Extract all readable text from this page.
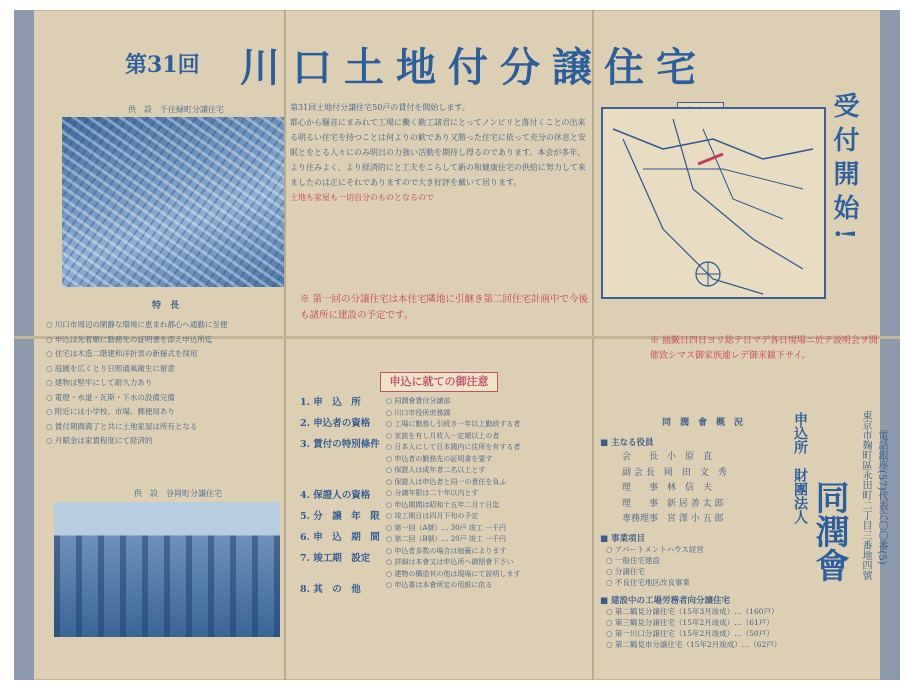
第31回 川口土地付分譲住宅
供　設　千住緑町分譲住宅
特　長
○ 川口市周辺の閑静な環境に恵まれ都心へ通勤に至便
○ 申込は先着順に勤務先の証明書を添え申込所迄
○ 住宅は木造二階建和洋折衷の新様式を採用
○ 庭園を広くとり日照通風衛生に留意
○ 建物は堅牢にして耐久力あり
○ 電燈・水道・瓦斯・下水の設備完備
○ 附近には小学校、市場、郵便局あり
○ 賃付期間満了と共に土地家屋は所有となる
○ 月賦金は家賃程度にて経済的
供　設　谷岡町分譲住宅
第31回土地付分譲住宅50戸の賃付を開始します。
都心から騒音にまみれて工場に働く勤工諸君にとってノンビリと落付くことの出来る明るい住宅を持つことは何よりの歓であり又勝った住宅に依って充分の休息と安眠とをとる人々にのみ明日の力強い活動を期待し得るのであります。本会が多年、より住みよく、より経済的にと工夫をこらして新の和健康住宅の供給に努力して来ましたのは正にそれでありますので大き好評を戴いて居ります。
土地も家屋も一切自分のものとなるので
※ 第一回の分譲住宅は本住宅隣地に引継き第二回住宅計画中で今後も諸所に建設の予定です。
受付開始!
※ 抽籤日四日ヨリ総テ日マデ各日現場ニ於テ説明会ヲ開催致シマス御家族連レデ御来観下サイ。
申込に就ての御注意
1. 申　込　所
2. 申込者の資格
3. 賃付の特別條件
4. 保證人の資格
5. 分　譲　年　限
6. 申　込　期　間
7. 竣工期　設定
8. 其　の　他
○ 同潤會賃付分譲部
○ 川口市役所庶務課
○ 工場に勤務し引続き一年以上勤続する者
○ 家族を有し月收入一定額以上の者
○ 日本人にして日本國内に住所を有する者
○ 申込者の勤務先の証明書を要す
○ 保證人は成年者二名以上とす
○ 保證人は申込者と同一の責任を負ふ
○ 分譲年限は二十年以内とす
○ 申込期間は昭和十五年二月十日迄
○ 竣工期日は四月下旬の予定
○ 第一回（A號）… 30戸 竣工 一千円
○ 第二回（B號）… 20戸 竣工 一千円
○ 申込者多数の場合は抽籤によります
○ 詳細は本會又は申込所へ御照會下さい
○ 建物の構造其の他は現場にて説明します
○ 申込書は本會所定の用紙に依る
同　潤　會　概　況
■ 主なる役員
会　　長　小　原　直
副 会 長　岡　田　文　秀
理　　事　林　信　夫
理　　事　新 居 善 太 郎
専務理事　宮 澤 小 五 郎
■ 事業項目
○ アパートメントハウス経営
○ 一般住宅建設
○ 分譲住宅
○ 不良住宅地区改良事業
■ 建設中の工場労務者向分譲住宅
○ 第二鶴見分譲住宅（15年3月竣成）…（160戸）
○ 第三鶴見分譲住宅（15年2月竣成）…（61戸）
○ 第一川口分譲住宅（15年2月竣成）…（50戸）
○ 第二鶴見市分譲住宅（15年2月竣成）…（62戸）
申込所　財團法人
同潤會	東京市麹町區永田町二丁目三番地四號 電話銀座(57)代表六〇〇番(5)
